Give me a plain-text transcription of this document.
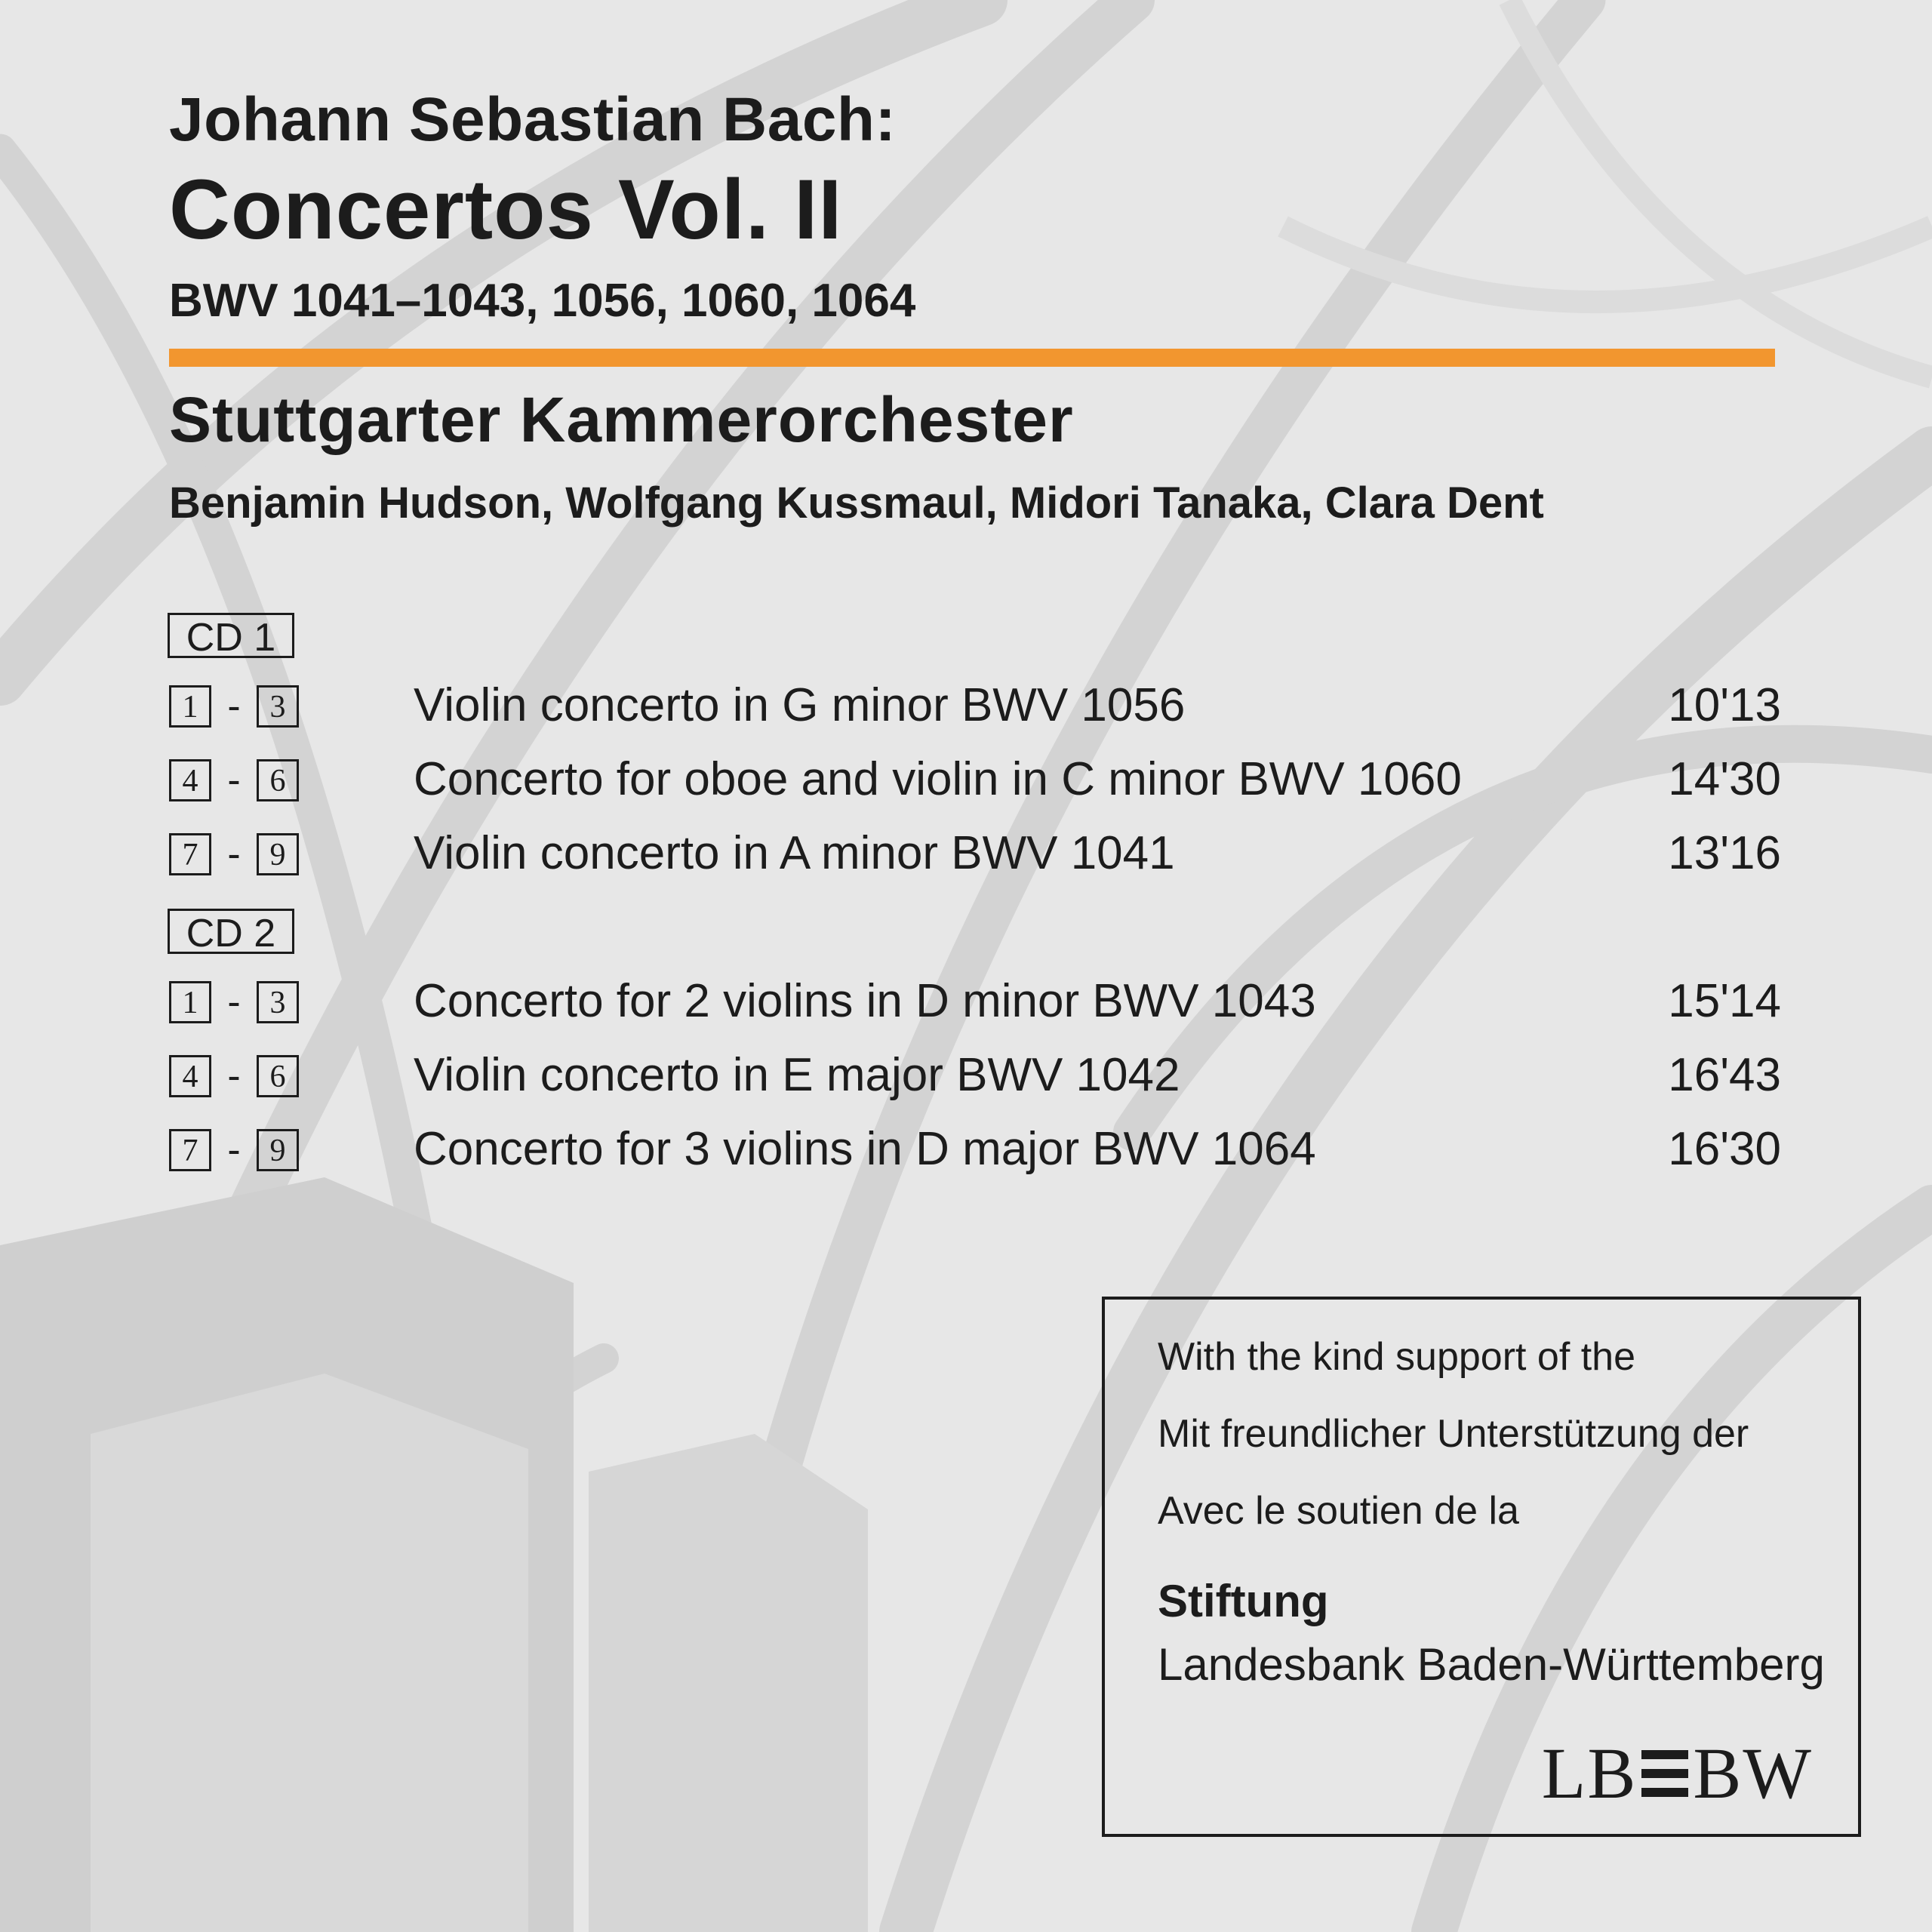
Johann Sebastian Bach:
Concertos Vol. II
BWV 1041–1043, 1056, 1060, 1064
Stuttgarter Kammerorchester
Benjamin Hudson, Wolfgang Kussmaul, Midori Tanaka, Clara Dent
CD 1
1 - 3	Violin concerto in G minor BWV 1056	10'13
4 - 6	Concerto for oboe and violin in C minor BWV 1060	14'30
7 - 9	Violin concerto in A minor BWV 1041	13'16
CD 2
1 - 3	Concerto for 2 violins in D minor BWV 1043	15'14
4 - 6	Violin concerto in E major BWV 1042	16'43
7 - 9	Concerto for 3 violins in D major BWV 1064	16'30
With the kind support of the
Mit freundlicher Unterstützung der
Avec le soutien de la
Stiftung
Landesbank Baden-Württemberg
LB BW
